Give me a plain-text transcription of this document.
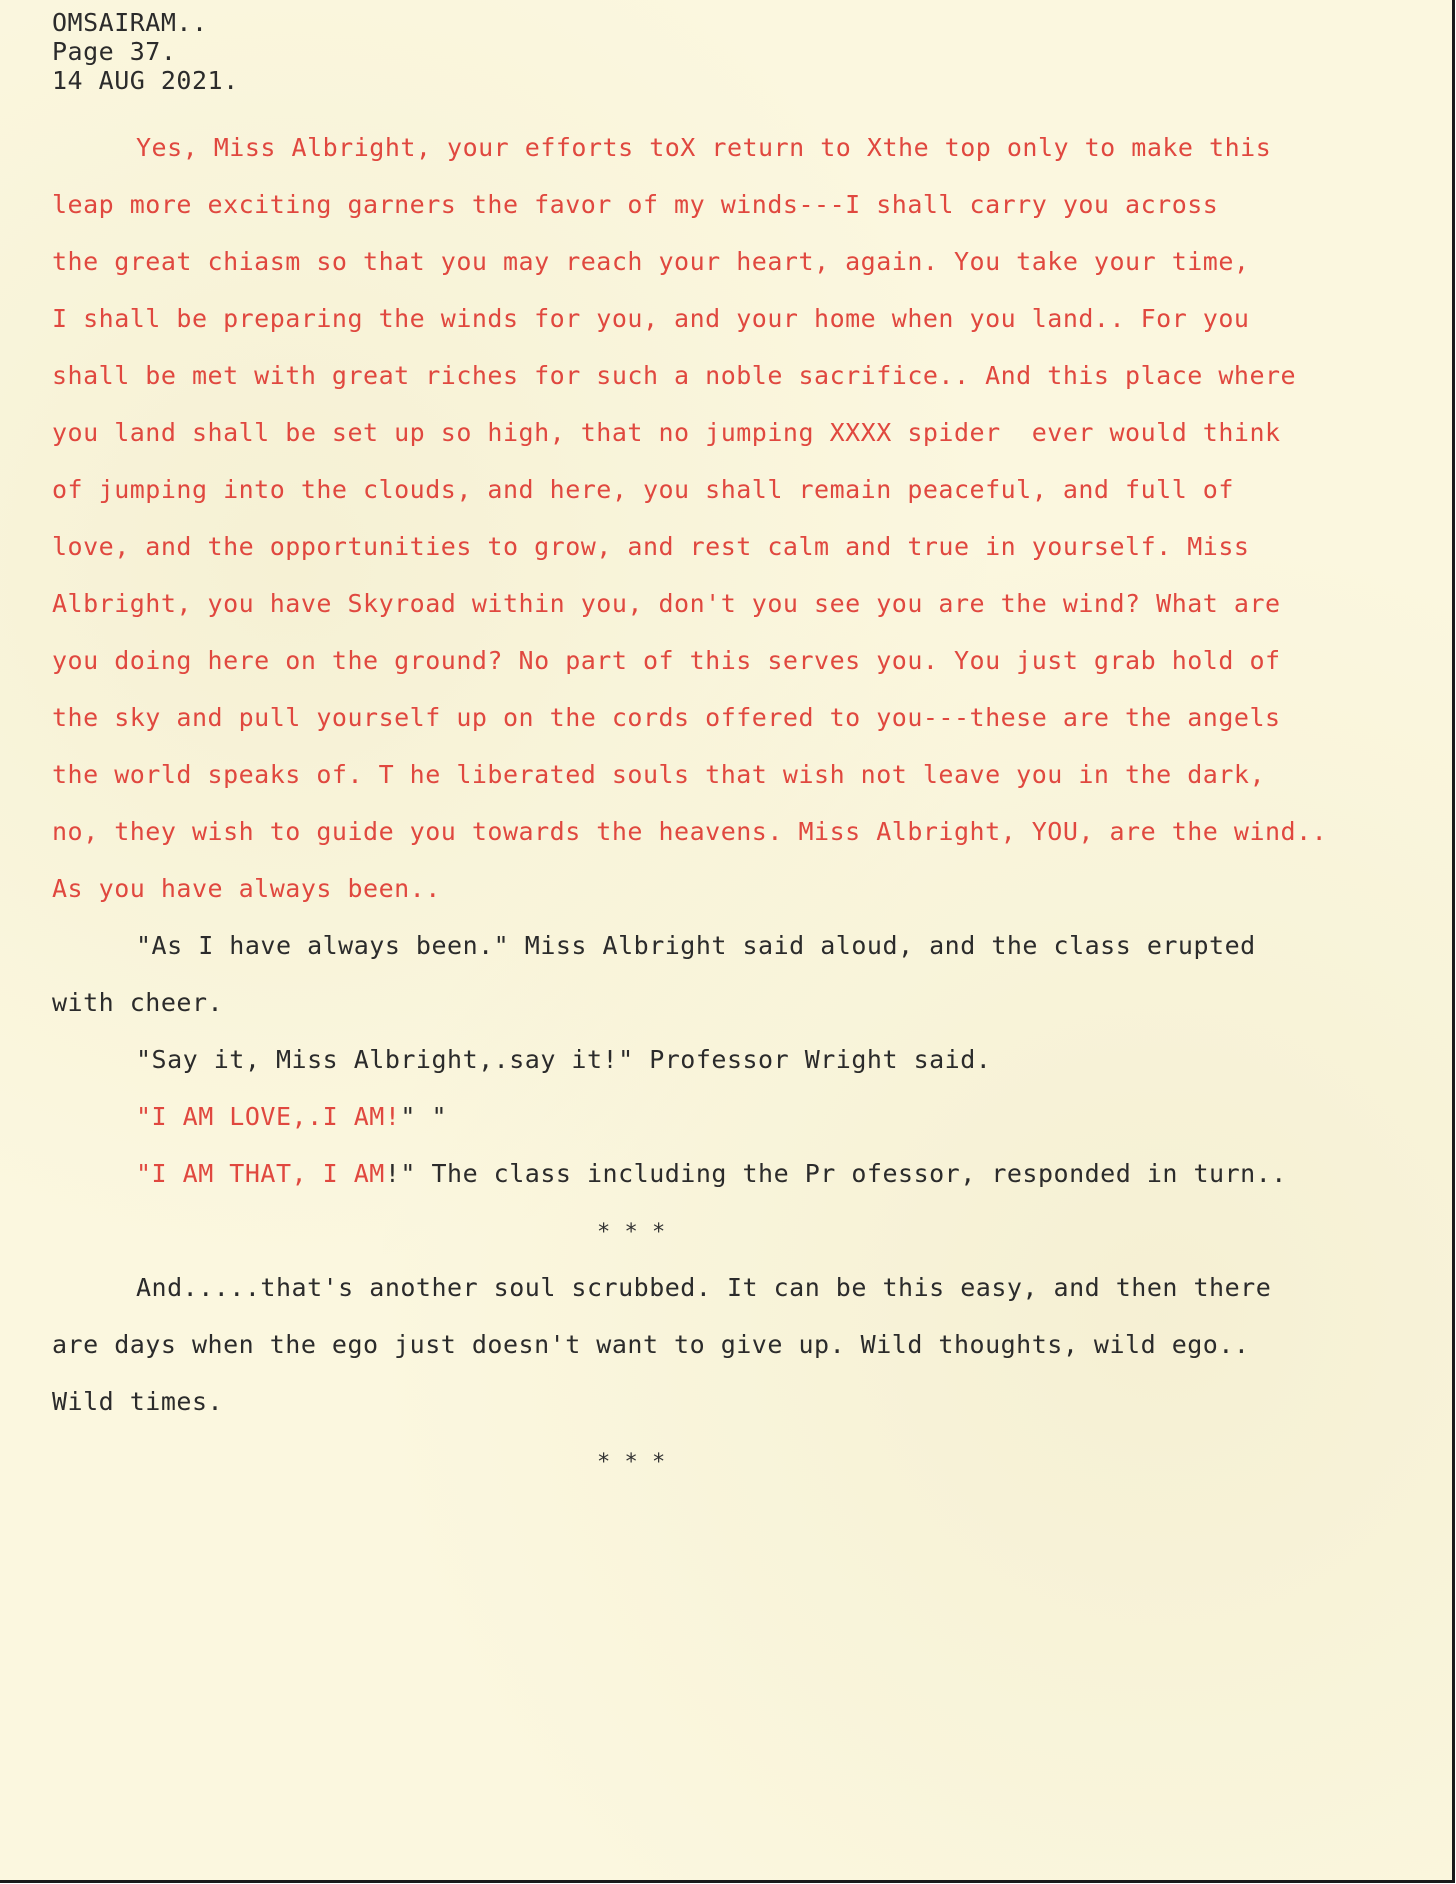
OMSAIRAM..
Page 37.
14 AUG 2021.
Yes, Miss Albright, your efforts toX return to Xthe top only to make this
leap more exciting garners the favor of my winds---I shall carry you across
the great chiasm so that you may reach your heart, again. You take your time,
I shall be preparing the winds for you, and your home when you land.. For you
shall be met with great riches for such a noble sacrifice.. And this place where
you land shall be set up so high, that no jumping XXXX spider  ever would think
of jumping into the clouds, and here, you shall remain peaceful, and full of
love, and the opportunities to grow, and rest calm and true in yourself. Miss
Albright, you have Skyroad within you, don't you see you are the wind? What are
you doing here on the ground? No part of this serves you. You just grab hold of
the sky and pull yourself up on the cords offered to you---these are the angels
the world speaks of. T he liberated souls that wish not leave you in the dark,
no, they wish to guide you towards the heavens. Miss Albright, YOU, are the wind..
As you have always been..
"As I have always been." Miss Albright said aloud, and the class erupted
with cheer.
"Say it, Miss Albright,.say it!" Professor Wright said.
"I AM LOVE,.I AM!" "
"I AM THAT, I AM!" The class including the Pr ofessor, responded in turn..
* * *
And.....that's another soul scrubbed. It can be this easy, and then there
are days when the ego just doesn't want to give up. Wild thoughts, wild ego..
Wild times.
* * *
